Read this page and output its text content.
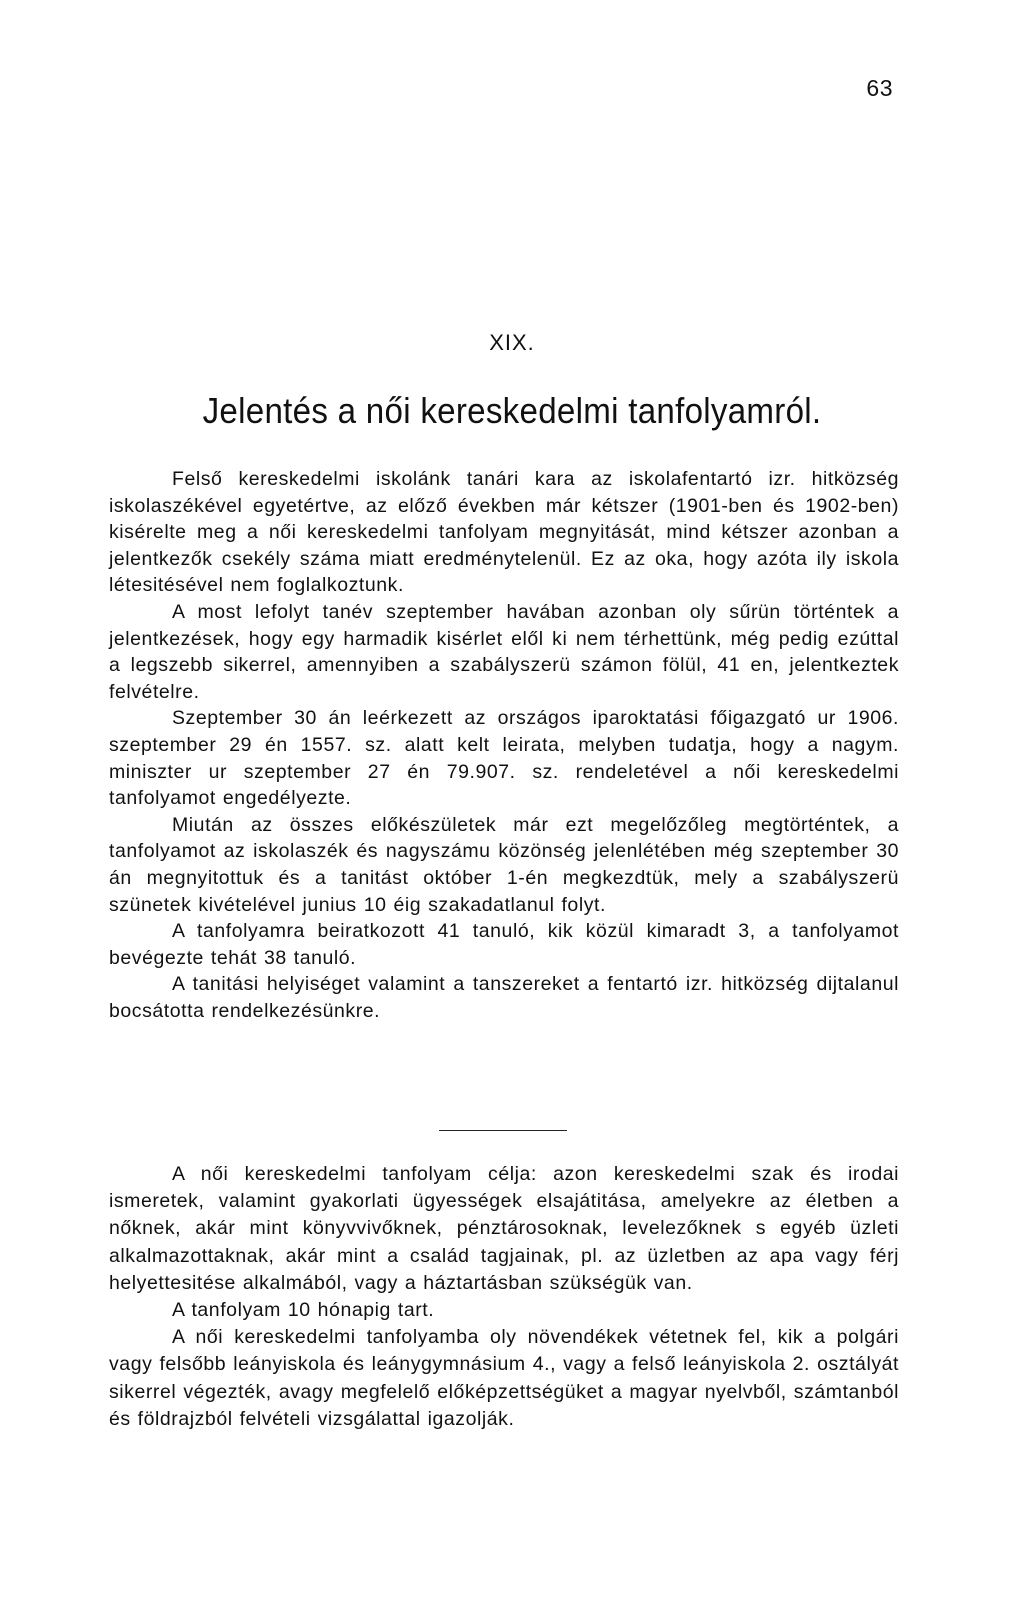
63
XIX.
Jelentés a női kereskedelmi tanfolyamról.

Felső kereskedelmi iskolánk tanári kara az iskolafentartó izr. hitközség iskolaszékével egyetértve, az előző években már kétszer (1901-ben és 1902-ben) kisérelte meg a női kereskedelmi tanfolyam megnyitását, mind kétszer azonban a jelentkezők csekély száma miatt eredménytelenül. Ez az oka, hogy azóta ily iskola létesitésével nem foglalkoztunk.

A most lefolyt tanév szeptember havában azonban oly sűrün történtek a jelentkezések, hogy egy harmadik kisérlet elől ki nem térhettünk, még pedig ezúttal a legszebb sikerrel, amennyiben a szabályszerü számon fölül, 41 en, jelentkeztek felvételre.

Szeptember 30 án leérkezett az országos iparoktatási főigazgató ur 1906. szeptember 29 én 1557. sz. alatt kelt leirata, melyben tudatja, hogy a nagym. miniszter ur szeptember 27 én 79.907. sz. rendeletével a női kereskedelmi tanfolyamot engedélyezte.

Miután az összes előkészületek már ezt megelőzőleg megtörténtek, a tanfolyamot az iskolaszék és nagyszámu közönség jelenlétében még szeptember 30 án megnyitottuk és a tanitást október 1-én megkezdtük, mely a szabályszerü szünetek kivételével junius 10 éig szakadatlanul folyt.

A tanfolyamra beiratkozott 41 tanuló, kik közül kimaradt 3, a tanfolyamot bevégezte tehát 38 tanuló.

A tanitási helyiséget valamint a tanszereket a fentartó izr. hitközség dijtalanul bocsátotta rendelkezésünkre.

A női kereskedelmi tanfolyam célja: azon kereskedelmi szak és irodai ismeretek, valamint gyakorlati ügyességek elsajátitása, amelyekre az életben a nőknek, akár mint könyvvivőknek, pénztárosoknak, levelezőknek s egyéb üzleti alkalmazottaknak, akár mint a család tagjainak, pl. az üzletben az apa vagy férj helyettesitése alkalmából, vagy a háztartásban szükségük van.

A tanfolyam 10 hónapig tart.

A női kereskedelmi tanfolyamba oly növendékek vétetnek fel, kik a polgári vagy felsőbb leányiskola és leánygymnásium 4., vagy a felső leányiskola 2. osztályát sikerrel végezték, avagy megfelelő előképzettségüket a magyar nyelvből, számtanból és földrajzból felvételi vizsgálattal igazolják.
